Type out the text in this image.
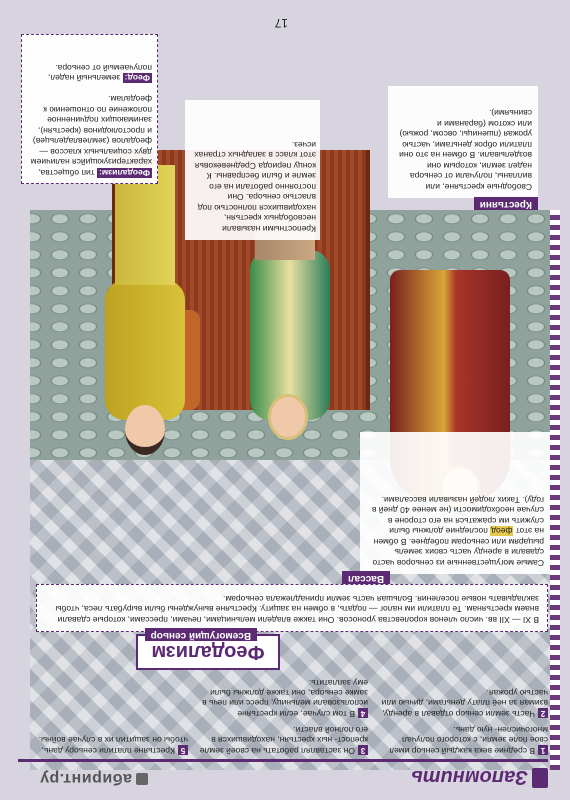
Запомнить
абиринт.ру
1В средние века каждый сеньор имел свое поле земли, с которого получал многочислен- ную дань.
2Часть земли сеньор отдавал в аренду, взимая за неё плату деньгами, дичью или частью урожая.
3Он заставлял работать на своей земле крепост- ных крестьян, находившихся в его полной власти.
4В том случае, если крестьяне использовали мельницу, пресс или печь в замке сеньора, они также должны были ему заплатить.
5Крестьяне платили сеньору дань, чтобы он защитил их в случае войны.
Феодализм
Всемогущий сеньор
В XI — XII вв. число членов королевства уроносов. Они также владели мельницами, печами, прессами, которые сдавали внаем крестьянам. Те платили им налог — подать, в обмен на защиту. Крестьяне вынуждены были вырубать леса, чтобы закладывать новые поселения. Большая часть земли принадлежала сеньорам.
Вассал
Самые могущественные из сеньоров часто сдавали в аренду часть своих земель рыцарям или сеньорам победнее. В обмен на этот феод последние должны были служить им сражаться на его стороне в случае необходимости (не менее 40 дней в году). Таких людей называли вассалами.
Крестьяни
Свободные крестьяне, или вилланы, получали от сеньора надел земли, которым они возделывали. В обмен на это они платили оброк деньгами, частью урожая (пшеницы, овсом, рожью) или скотом (баранами и свиньями).
Крепостными называли несвободных крестьян, находившихся полностью под властью сеньора. Они постоянно работали на его земле и были бесправны. К концу периода Средневековья этот класс в западных странах исчез.
Феодализм: тип общества, характеризующийся наличием двух социальных классов — феодалов (землевладельцев) и простолюдинов (крестьян), занимающих подчиненное положение по отношению к феодалам.

Феод: земельный надел, получаемый от сеньора.
17
